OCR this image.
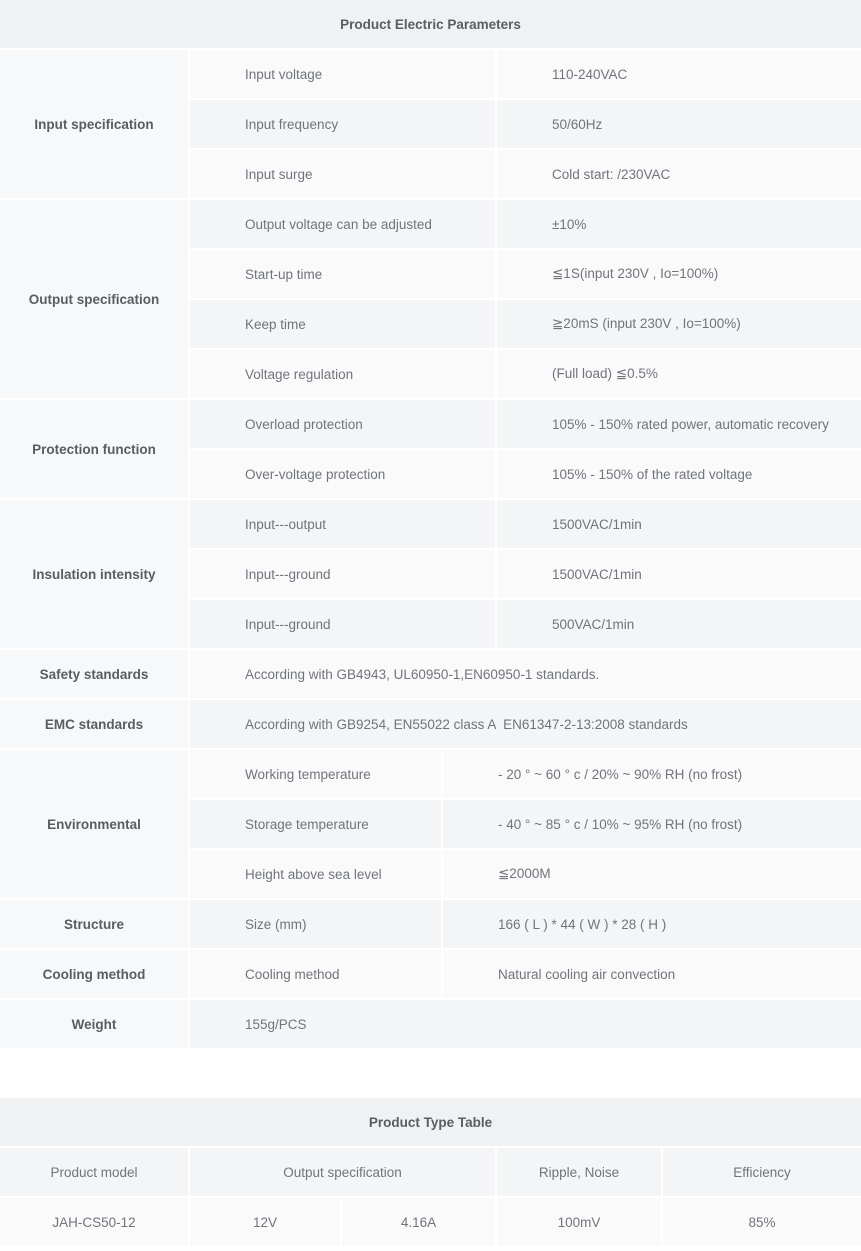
Product Electric Parameters
Input specification
Input voltage	110-240VAC
Input frequency	50/60Hz
Input surge	Cold start: /230VAC
Output specification
Output voltage can be adjusted	±10%
Start-up time	≦1S(input 230V , Io=100%)
Keep time	≧20mS (input 230V , Io=100%)
Voltage regulation	(Full load) ≦0.5%
Protection function
Overload protection	105% - 150% rated power, automatic recovery
Over-voltage protection	105% - 150% of the rated voltage
Insulation intensity
Input---output	1500VAC/1min
Input---ground	1500VAC/1min
Input---ground	500VAC/1min
Safety standards	According with GB4943, UL60950-1,EN60950-1 standards.
EMC standards	According with GB9254, EN55022 class A  EN61347-2-13:2008 standards
Environmental
Working temperature	- 20 ° ~ 60 ° c / 20% ~ 90% RH (no frost)
Storage temperature	- 40 ° ~ 85 ° c / 10% ~ 95% RH (no frost)
Height above sea level	≦2000M
Structure	Size (mm)	166 ( L ) * 44 ( W ) * 28 ( H )
Cooling method	Cooling method	Natural cooling air convection
Weight	155g/PCS
Product Type Table
Product model	Output specification	Ripple, Noise	Efficiency
JAH-CS50-12	12V	4.16A	100mV	85%
